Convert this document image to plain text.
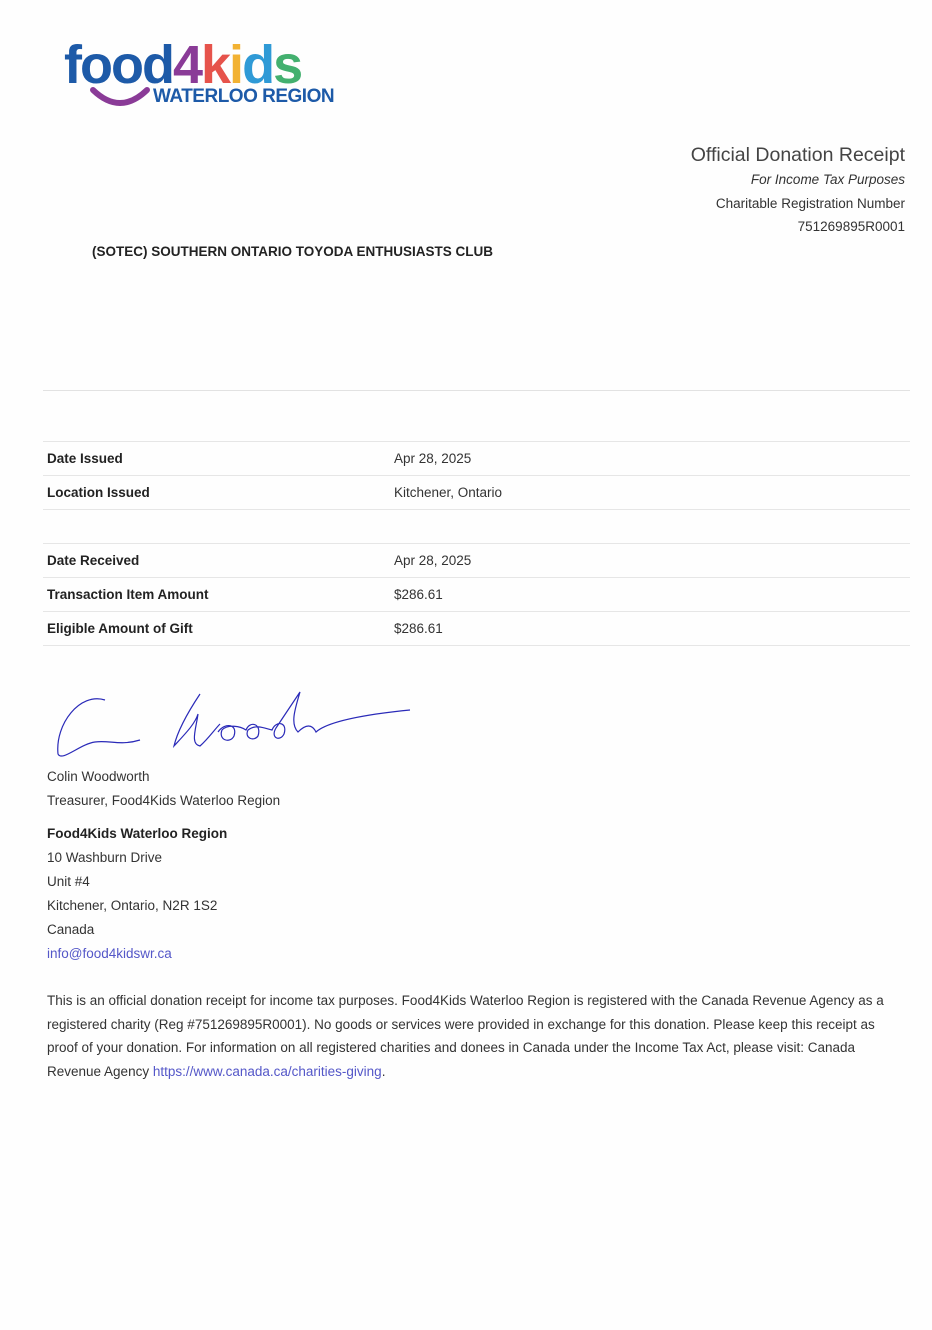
food4kids
WATERLOO REGION
Official Donation Receipt
For Income Tax Purposes
Charitable Registration Number
751269895R0001
(SOTEC) SOUTHERN ONTARIO TOYODA ENTHUSIASTS CLUB
Date Issued	Apr 28, 2025
Location Issued	Kitchener, Ontario
Date Received	Apr 28, 2025
Transaction Item Amount	$286.61
Eligible Amount of Gift	$286.61
Colin Woodworth
Treasurer, Food4Kids Waterloo Region
Food4Kids Waterloo Region
10 Washburn Drive
Unit #4
Kitchener, Ontario, N2R 1S2
Canada
info@food4kidswr.ca
This is an official donation receipt for income tax purposes. Food4Kids Waterloo Region is registered with the Canada Revenue Agency as a registered charity (Reg #751269895R0001). No goods or services were provided in exchange for this donation. Please keep this receipt as proof of your donation. For information on all registered charities and donees in Canada under the Income Tax Act, please visit: Canada Revenue Agency https://www.canada.ca/charities-giving.
